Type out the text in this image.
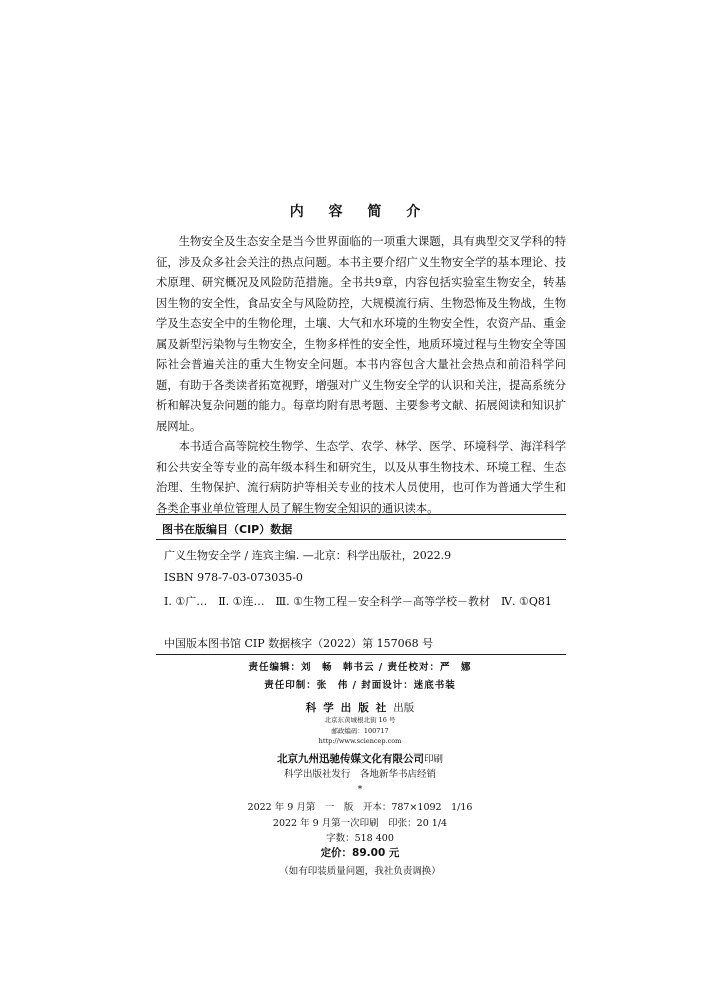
内 容 简 介

生物安全及生态安全是当今世界面临的一项重大课题，具有典型交叉学科的特征，涉及众多社会关注的热点问题。本书主要介绍广义生物安全学的基本理论、技术原理、研究概况及风险防范措施。全书共9章，内容包括实验室生物安全，转基因生物的安全性，食品安全与风险防控，大规模流行病、生物恐怖及生物战，生物学及生态安全中的生物伦理，土壤、大气和水环境的生物安全性，农资产品、重金属及新型污染物与生物安全，生物多样性的安全性，地质环境过程与生物安全等国际社会普遍关注的重大生物安全问题。本书内容包含大量社会热点和前沿科学问题，有助于各类读者拓宽视野，增强对广义生物安全学的认识和关注，提高系统分析和解决复杂问题的能力。每章均附有思考题、主要参考文献、拓展阅读和知识扩展网址。

本书适合高等院校生物学、生态学、农学、林学、医学、环境科学、海洋科学和公共安全等专业的高年级本科生和研究生，以及从事生物技术、环境工程、生态治理、生物保护、流行病防护等相关专业的技术人员使用，也可作为普通大学生和各类企事业单位管理人员了解生物安全知识的通识读本。

图书在版编目（CIP）数据
广义生物安全学 / 连宾主编. —北京：科学出版社，2022.9
ISBN 978-7-03-073035-0
Ⅰ. ①广…　Ⅱ. ①连…　Ⅲ. ①生物工程－安全科学－高等学校－教材　Ⅳ. ①Q81
中国版本图书馆 CIP 数据核字（2022）第 157068 号
责任编辑：刘　畅　韩书云 / 责任校对：严　娜
责任印制：张　伟 / 封面设计：迷底书装
科学出版社出版
北京东黄城根北街 16 号
邮政编码：100717
http://www.sciencep.com
北京九州迅驰传媒文化有限公司印刷
科学出版社发行　各地新华书店经销
*
2022 年 9 月第　一　版　开本：787×1092　1/16
2022 年 9 月第一次印刷　印张：20 1/4
字数：518 400
定价：89.00 元
（如有印装质量问题，我社负责调换）
